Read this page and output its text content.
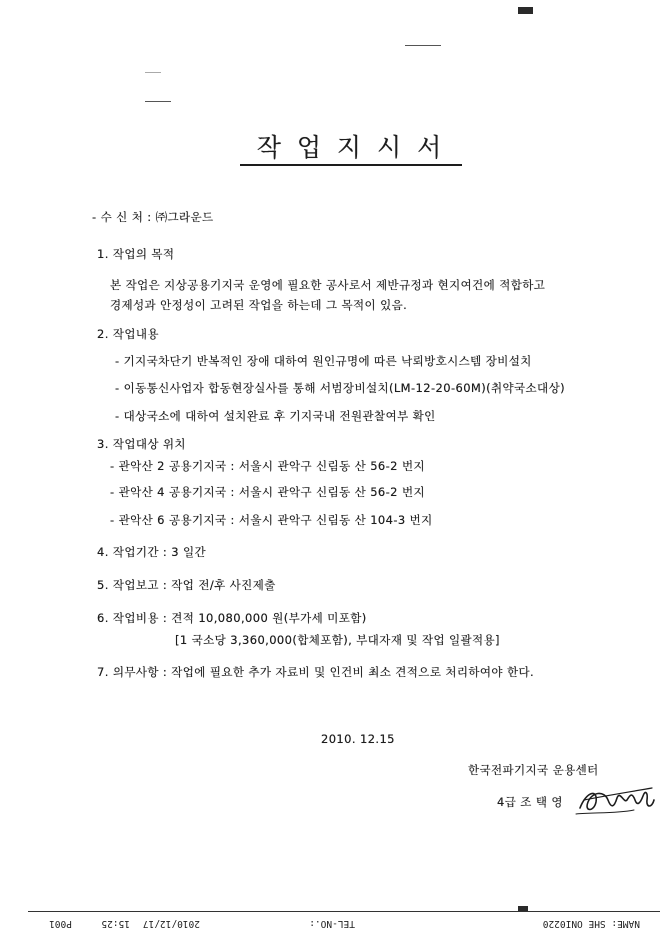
작 업 지 시 서
- 수 신 처 : ㈜그라운드
1. 작업의 목적
본 작업은 지상공용기지국 운영에 필요한 공사로서 제반규정과 현지여건에 적합하고
경제성과 안정성이 고려된 작업을 하는데 그 목적이 있음.
2. 작업내용
- 기지국차단기 반복적인 장애 대하여 원인규명에 따른 낙뢰방호시스템 장비설치
- 이동통신사업자 합동현장실사를 통해 서범장비설치(LM-12-20-60M)(취약국소대상)
- 대상국소에 대하여 설치완료 후 기지국내 전원관찰여부 확인
3. 작업대상 위치
- 관악산 2 공용기지국 : 서울시 관악구 신림동 산 56-2 번지
- 관악산 4 공용기지국 : 서울시 관악구 신림동 산 56-2 번지
- 관악산 6 공용기지국 : 서울시 관악구 신림동 산 104-3 번지
4. 작업기간 : 3 일간
5. 작업보고 : 작업 전/후 사진제출
6. 작업비용 : 견적 10,080,000 원(부가세 미포함)
[1 국소당 3,360,000(합체포함), 부대자재 및 작업 일괄적용]
7. 의무사항 : 작업에 필요한 추가 자료비 및 인건비 최소 견적으로 처리하여야 한다.
2010. 12.15
한국전파기지국 운용센터
4급 조 택 영
NAME: SHE ONI0220
TEL-NO.:
2010/12/17
15:25
P001
